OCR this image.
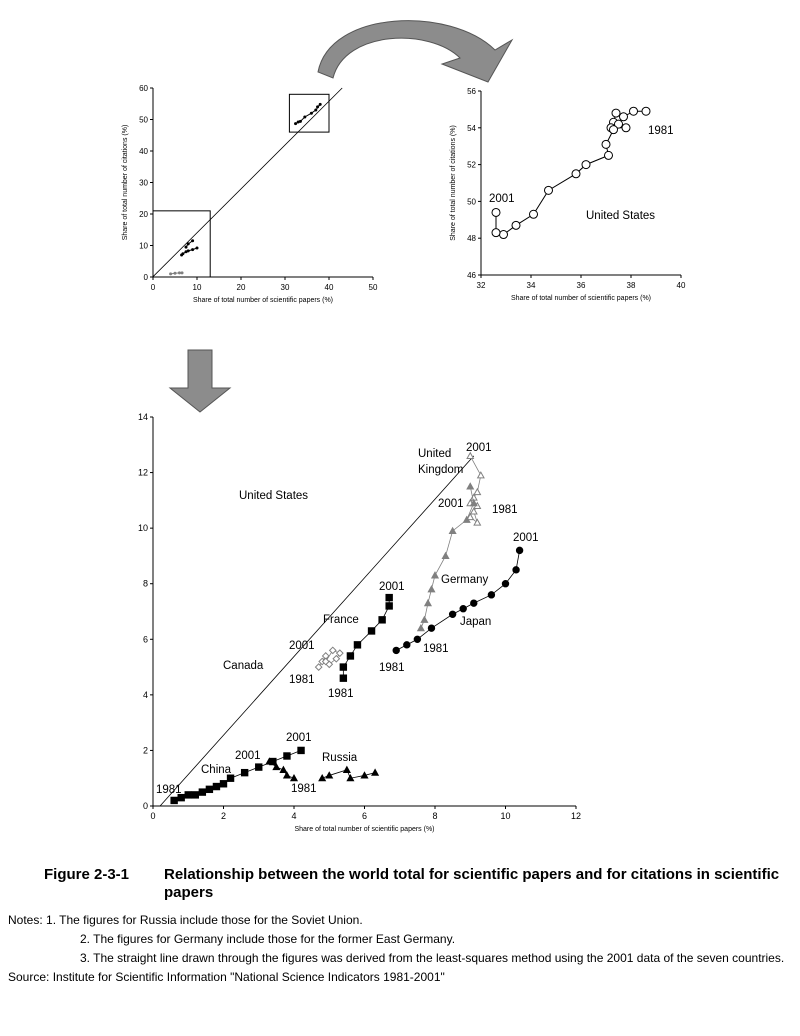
0	10	20	30	40	50
0
10
20
30
40
50
60
Share of total number of scientific papers (%)
Share of total number of citations (%)
32	34	36	38	40
46
48
50
52
54
56
Share of total number of scientific papers (%)
Share of total number of citations (%)	1981
2001
United States
0	2	4	6	8	10	12
0
2
4
6
8
10
12
14
Share of total number of scientific papers (%)
United States
United
Kingdom
1981
2001
Germany
1981
2001
Japan
1981
2001
France
1981
2001
Canada
1981
2001
Russia
1981
China
1981
2001
2001
Figure 2-3-1	Relationship between the world total for scientific papers and for citations in scientific papers
Notes: 1. The figures for Russia include those for the Soviet Union.
2. The figures for Germany include those for the former East Germany.
3. The straight line drawn through the figures was derived from the least-squares method using the 2001 data of the seven countries.
Source: Institute for Scientific Information "National Science Indicators 1981-2001"
